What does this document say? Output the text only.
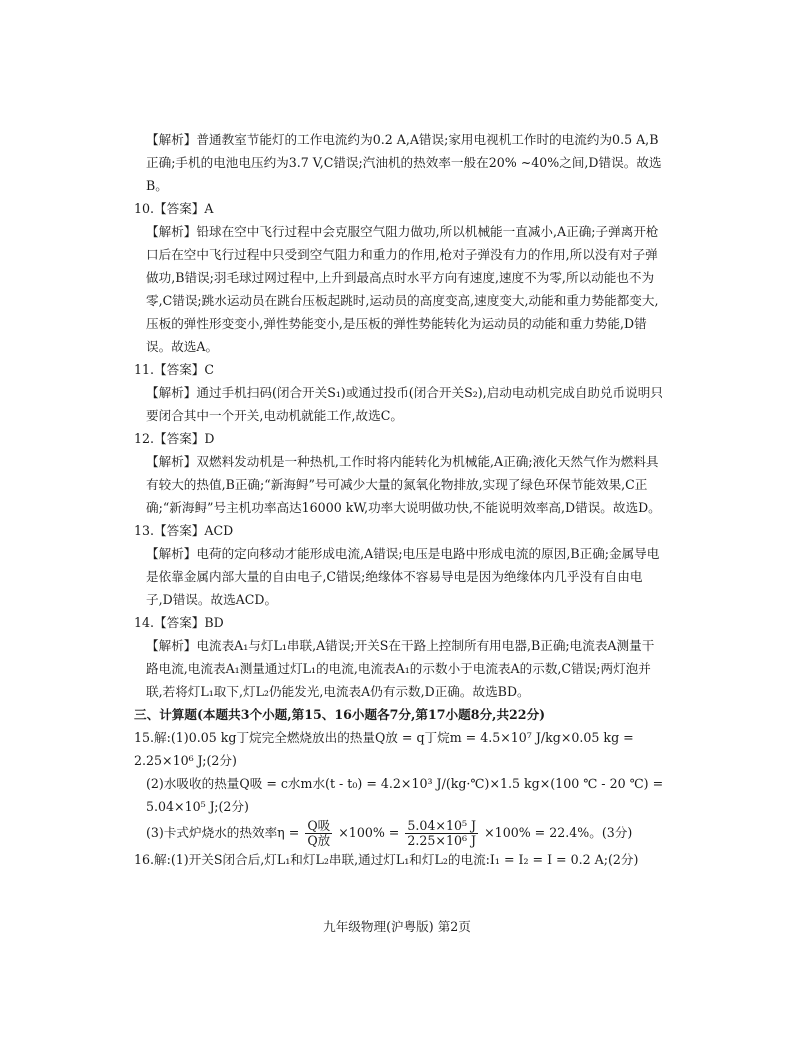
【解析】普通教室节能灯的工作电流约为0.2 A,A错误;家用电视机工作时的电流约为0.5 A,B正确;手机的电池电压约为3.7 V,C错误;汽油机的热效率一般在20% ~40%之间,D错误。故选B。

10.【答案】A

【解析】铅球在空中飞行过程中会克服空气阻力做功,所以机械能一直减小,A正确;子弹离开枪口后在空中飞行过程中只受到空气阻力和重力的作用,枪对子弹没有力的作用,所以没有对子弹做功,B错误;羽毛球过网过程中,上升到最高点时水平方向有速度,速度不为零,所以动能也不为零,C错误;跳水运动员在跳台压板起跳时,运动员的高度变高,速度变大,动能和重力势能都变大,压板的弹性形变变小,弹性势能变小,是压板的弹性势能转化为运动员的动能和重力势能,D错误。故选A。

11.【答案】C

【解析】通过手机扫码(闭合开关S₁)或通过投币(闭合开关S₂),启动电动机完成自助兑币说明只要闭合其中一个开关,电动机就能工作,故选C。

12.【答案】D

【解析】双燃料发动机是一种热机,工作时将内能转化为机械能,A正确;液化天然气作为燃料具有较大的热值,B正确;“新海鲟”号可减少大量的氮氧化物排放,实现了绿色环保节能效果,C正确;“新海鲟”号主机功率高达16000 kW,功率大说明做功快,不能说明效率高,D错误。故选D。

13.【答案】ACD

【解析】电荷的定向移动才能形成电流,A错误;电压是电路中形成电流的原因,B正确;金属导电是依靠金属内部大量的自由电子,C错误;绝缘体不容易导电是因为绝缘体内几乎没有自由电子,D错误。故选ACD。

14.【答案】BD

【解析】电流表A₁与灯L₁串联,A错误;开关S在干路上控制所有用电器,B正确;电流表A测量干路电流,电流表A₁测量通过灯L₁的电流,电流表A₁的示数小于电流表A的示数,C错误;两灯泡并联,若将灯L₁取下,灯L₂仍能发光,电流表A仍有示数,D正确。故选BD。

三、计算题(本题共3个小题,第15、16小题各7分,第17小题8分,共22分)

15.解:(1)0.05 kg丁烷完全燃烧放出的热量Q放 = q丁烷m = 4.5×10⁷ J/kg×0.05 kg = 2.25×10⁶ J;(2分)

(2)水吸收的热量Q吸 = c水m水(t - t₀) = 4.2×10³ J/(kg·℃)×1.5 kg×(100 ℃ - 20 ℃) = 5.04×10⁵ J;(2分)

(3)卡式炉烧水的热效率$\eta = \frac{\text{Q吸}}{\text{Q放}} \times 100\% = \frac{\text{5.04×10⁵ J}}{\text{2.25×10⁶ J}} \times 100\% = 22.4\%$。(3分)

16.解:(1)开关S闭合后,灯L₁和灯L₂串联,通过灯L₁和灯L₂的电流:I₁ = I₂ = I = 0.2 A;(2分)

九年级物理(沪粤版) 第2页
